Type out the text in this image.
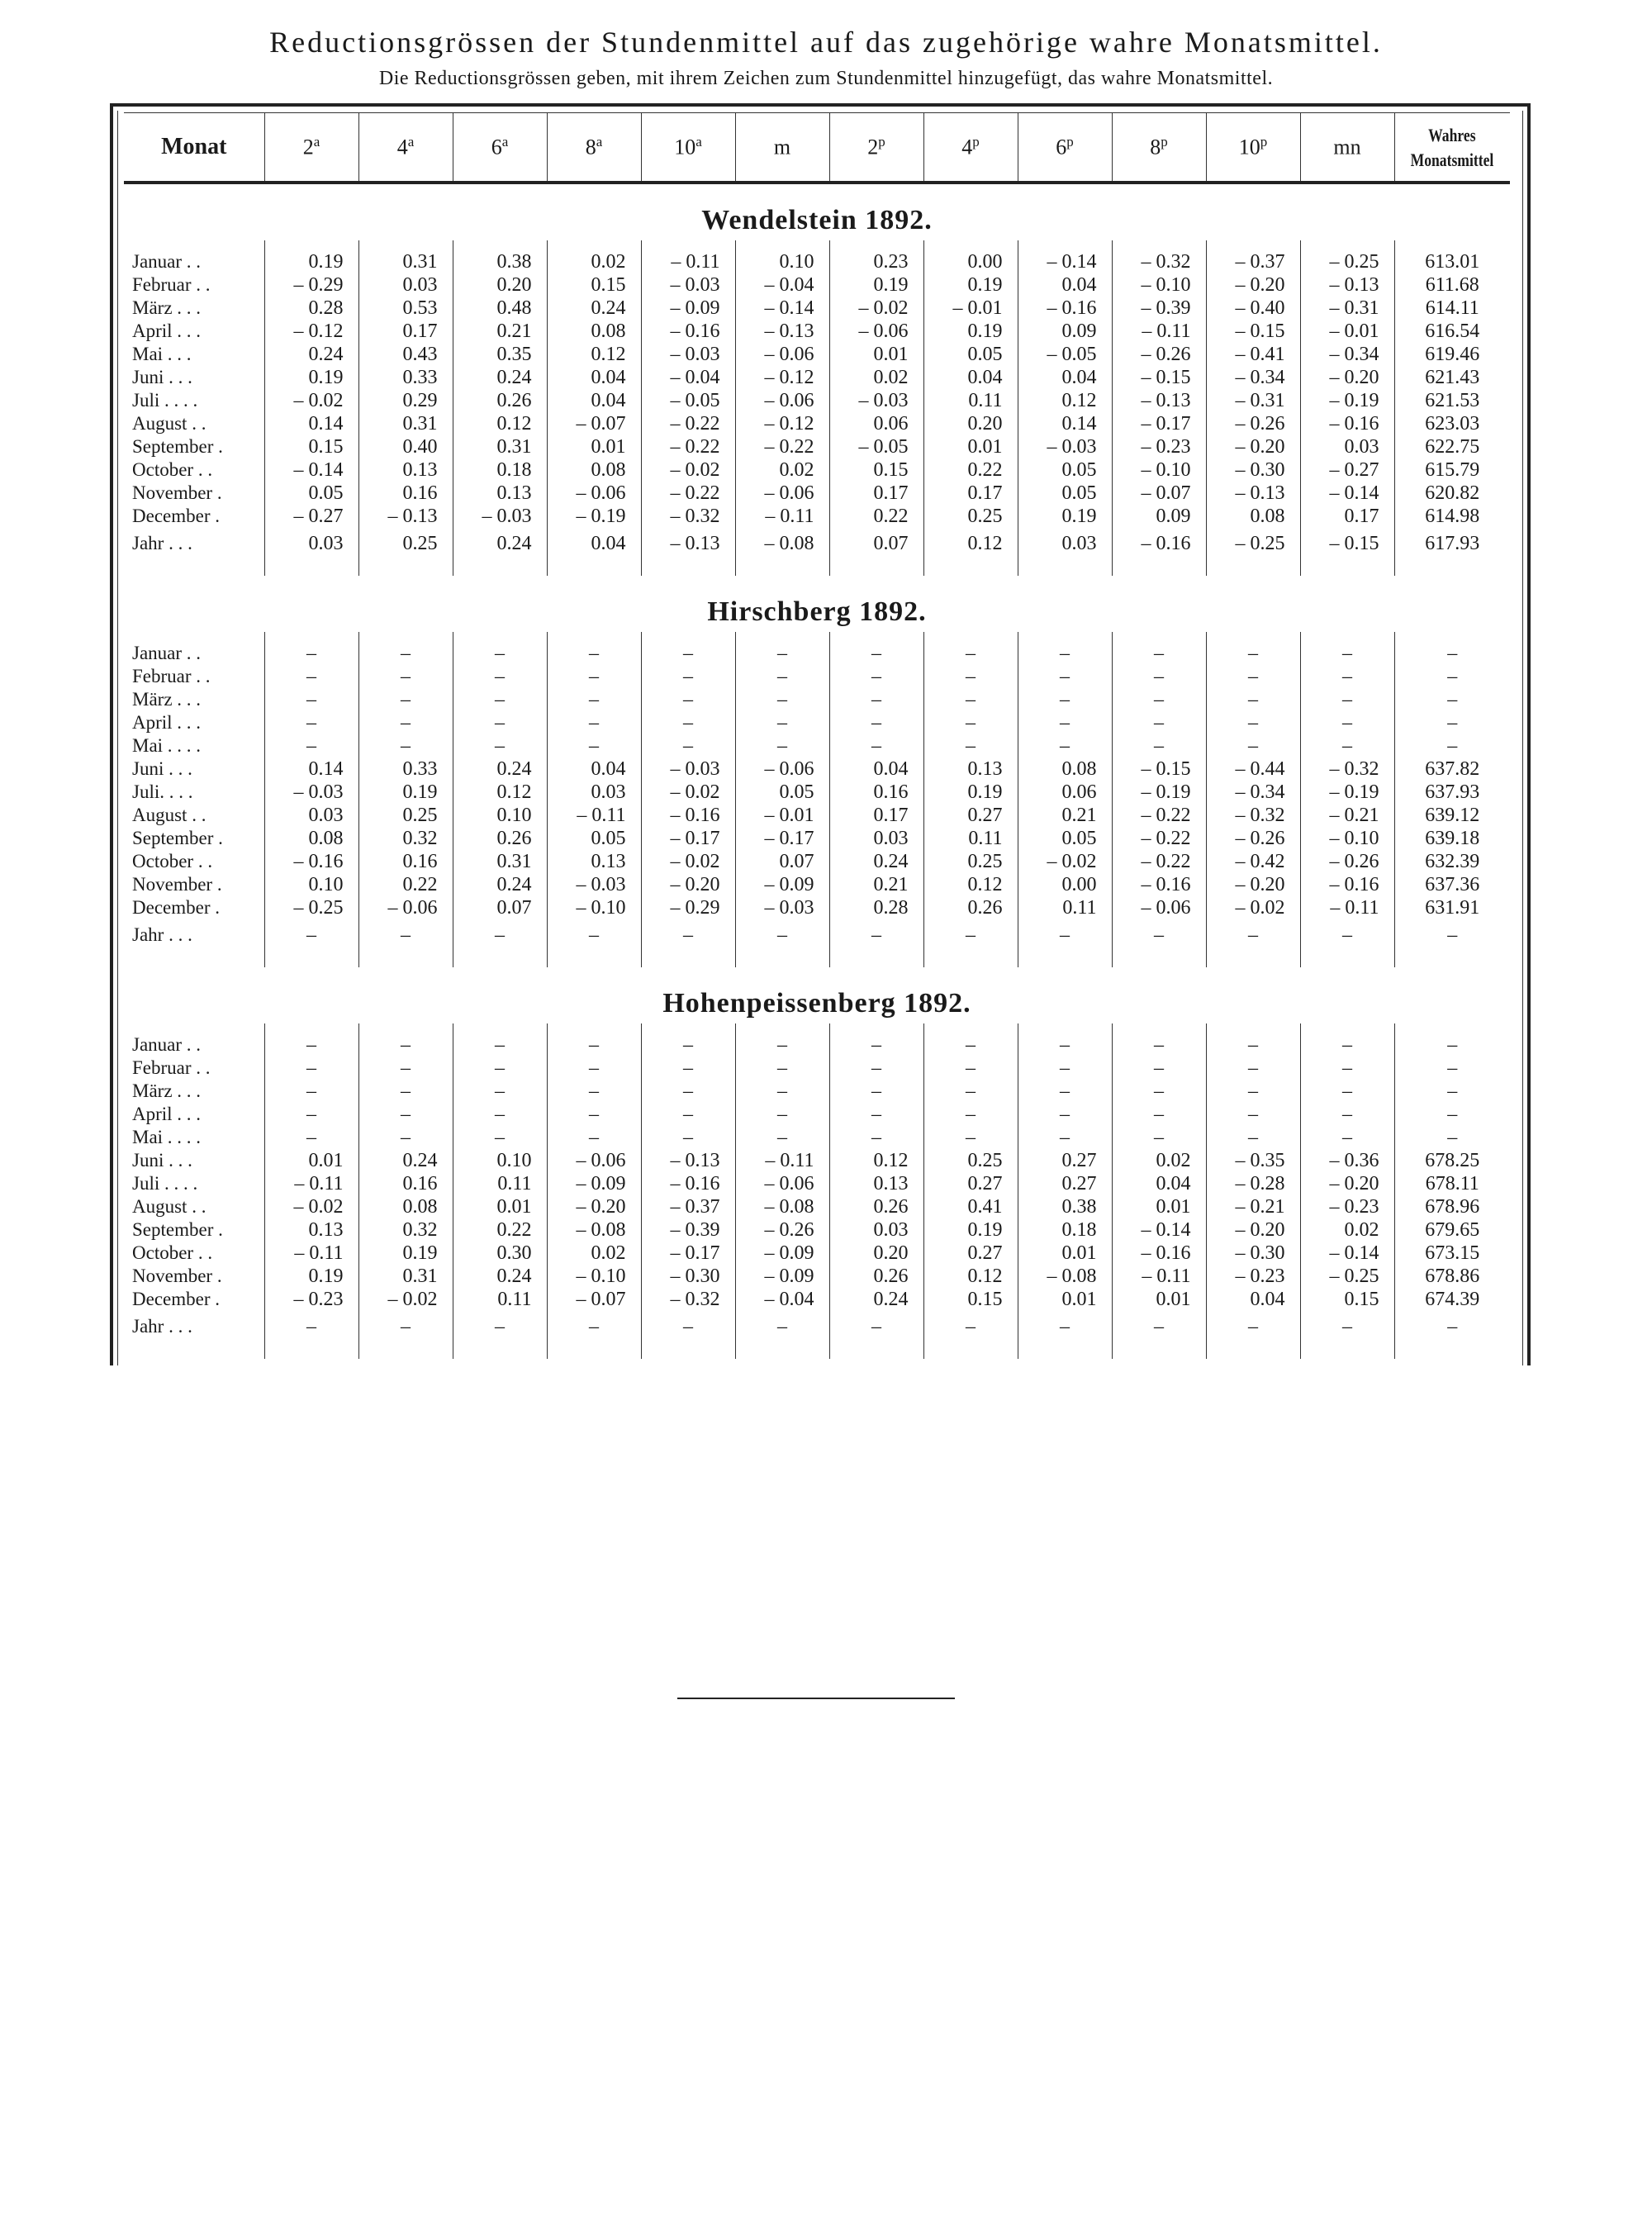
Reductionsgrössen der Stundenmittel auf das zugehörige wahre Monatsmittel.
Die Reductionsgrössen geben, mit ihrem Zeichen zum Stundenmittel hinzugefügt, das wahre Monatsmittel.
Monat	2$^a$	4$^a$	6$^a$	8$^a$	10$^a$	m	2$^p$	4$^p$	6$^p$	8$^p$	10$^p$	mn	Wahres
Monatsmittel
Wendelstein 1892.													

Januar . .	0.19	0.31	0.38	0.02	– 0.11	0.10	0.23	0.00	– 0.14	– 0.32	– 0.37	– 0.25	613.01
Februar . .	– 0.29	0.03	0.20	0.15	– 0.03	– 0.04	0.19	0.19	0.04	– 0.10	– 0.20	– 0.13	611.68
März . . .	0.28	0.53	0.48	0.24	– 0.09	– 0.14	– 0.02	– 0.01	– 0.16	– 0.39	– 0.40	– 0.31	614.11
April . . .	– 0.12	0.17	0.21	0.08	– 0.16	– 0.13	– 0.06	0.19	0.09	– 0.11	– 0.15	– 0.01	616.54
Mai . . .	0.24	0.43	0.35	0.12	– 0.03	– 0.06	0.01	0.05	– 0.05	– 0.26	– 0.41	– 0.34	619.46
Juni . . .	0.19	0.33	0.24	0.04	– 0.04	– 0.12	0.02	0.04	0.04	– 0.15	– 0.34	– 0.20	621.43
Juli . . . .	– 0.02	0.29	0.26	0.04	– 0.05	– 0.06	– 0.03	0.11	0.12	– 0.13	– 0.31	– 0.19	621.53
August . .	0.14	0.31	0.12	– 0.07	– 0.22	– 0.12	0.06	0.20	0.14	– 0.17	– 0.26	– 0.16	623.03
September .	0.15	0.40	0.31	0.01	– 0.22	– 0.22	– 0.05	0.01	– 0.03	– 0.23	– 0.20	0.03	622.75
October . .	– 0.14	0.13	0.18	0.08	– 0.02	0.02	0.15	0.22	0.05	– 0.10	– 0.30	– 0.27	615.79
November .	0.05	0.16	0.13	– 0.06	– 0.22	– 0.06	0.17	0.17	0.05	– 0.07	– 0.13	– 0.14	620.82
December .	– 0.27	– 0.13	– 0.03	– 0.19	– 0.32	– 0.11	0.22	0.25	0.19	0.09	0.08	0.17	614.98
Jahr . . .	0.03	0.25	0.24	0.04	– 0.13	– 0.08	0.07	0.12	0.03	– 0.16	– 0.25	– 0.15	617.93

Hirschberg 1892.													

Januar . .	–	–	–	–	–	–	–	–	–	–	–	–	–
Februar . .	–	–	–	–	–	–	–	–	–	–	–	–	–
März . . .	–	–	–	–	–	–	–	–	–	–	–	–	–
April . . .	–	–	–	–	–	–	–	–	–	–	–	–	–
Mai . . . .	–	–	–	–	–	–	–	–	–	–	–	–	–
Juni . . .	0.14	0.33	0.24	0.04	– 0.03	– 0.06	0.04	0.13	0.08	– 0.15	– 0.44	– 0.32	637.82
Juli. . . .	– 0.03	0.19	0.12	0.03	– 0.02	0.05	0.16	0.19	0.06	– 0.19	– 0.34	– 0.19	637.93
August . .	0.03	0.25	0.10	– 0.11	– 0.16	– 0.01	0.17	0.27	0.21	– 0.22	– 0.32	– 0.21	639.12
September .	0.08	0.32	0.26	0.05	– 0.17	– 0.17	0.03	0.11	0.05	– 0.22	– 0.26	– 0.10	639.18
October . .	– 0.16	0.16	0.31	0.13	– 0.02	0.07	0.24	0.25	– 0.02	– 0.22	– 0.42	– 0.26	632.39
November .	0.10	0.22	0.24	– 0.03	– 0.20	– 0.09	0.21	0.12	0.00	– 0.16	– 0.20	– 0.16	637.36
December .	– 0.25	– 0.06	0.07	– 0.10	– 0.29	– 0.03	0.28	0.26	0.11	– 0.06	– 0.02	– 0.11	631.91
Jahr . . .	–	–	–	–	–	–	–	–	–	–	–	–	–

Hohenpeissenberg 1892.													

Januar . .	–	–	–	–	–	–	–	–	–	–	–	–	–
Februar . .	–	–	–	–	–	–	–	–	–	–	–	–	–
März . . .	–	–	–	–	–	–	–	–	–	–	–	–	–
April . . .	–	–	–	–	–	–	–	–	–	–	–	–	–
Mai . . . .	–	–	–	–	–	–	–	–	–	–	–	–	–
Juni . . .	0.01	0.24	0.10	– 0.06	– 0.13	– 0.11	0.12	0.25	0.27	0.02	– 0.35	– 0.36	678.25
Juli . . . .	– 0.11	0.16	0.11	– 0.09	– 0.16	– 0.06	0.13	0.27	0.27	0.04	– 0.28	– 0.20	678.11
August . .	– 0.02	0.08	0.01	– 0.20	– 0.37	– 0.08	0.26	0.41	0.38	0.01	– 0.21	– 0.23	678.96
September .	0.13	0.32	0.22	– 0.08	– 0.39	– 0.26	0.03	0.19	0.18	– 0.14	– 0.20	0.02	679.65
October . .	– 0.11	0.19	0.30	0.02	– 0.17	– 0.09	0.20	0.27	0.01	– 0.16	– 0.30	– 0.14	673.15
November .	0.19	0.31	0.24	– 0.10	– 0.30	– 0.09	0.26	0.12	– 0.08	– 0.11	– 0.23	– 0.25	678.86
December .	– 0.23	– 0.02	0.11	– 0.07	– 0.32	– 0.04	0.24	0.15	0.01	0.01	0.04	0.15	674.39
Jahr . . .	–	–	–	–	–	–	–	–	–	–	–	–	–
